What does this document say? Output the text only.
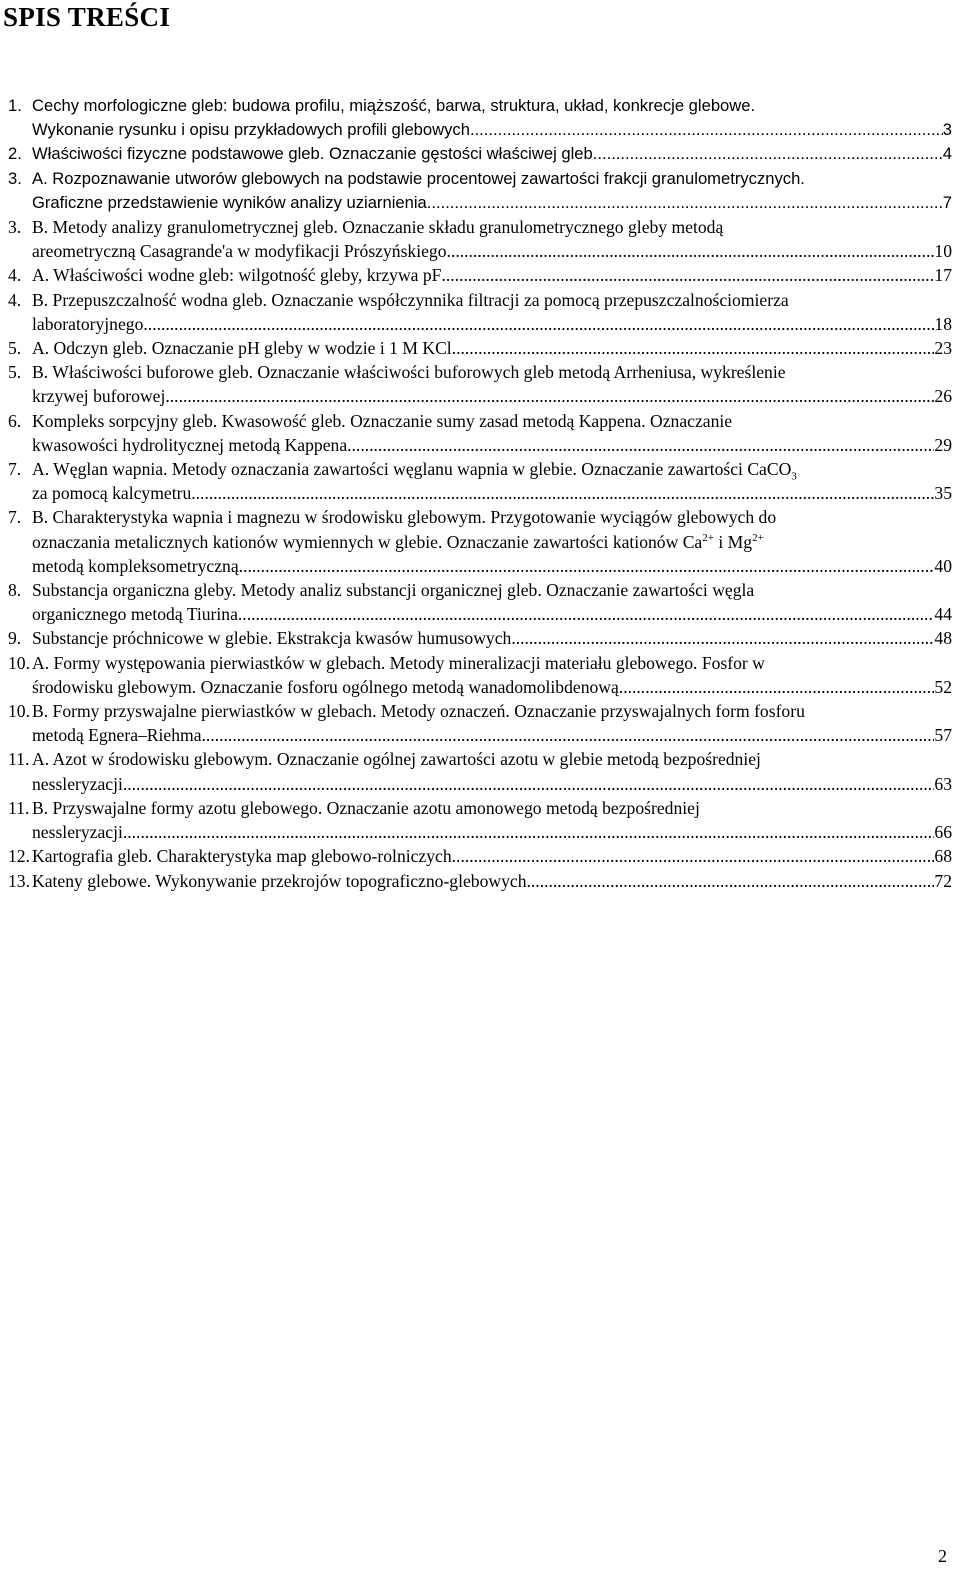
SPIS TREŚCI
1. Cechy morfologiczne gleb: budowa profilu, miąższość, barwa, struktura, układ, konkrecje glebowe.
Wykonanie rysunku i opisu przykładowych profili glebowych .....	3
2. Właściwości fizyczne podstawowe gleb. Oznaczanie gęstości właściwej gleb .....	4
3. A. Rozpoznawanie utworów glebowych na podstawie procentowej zawartości frakcji granulometrycznych.
Graficzne przedstawienie wyników analizy uziarnienia .....	7
3. B. Metody analizy granulometrycznej gleb. Oznaczanie składu granulometrycznego gleby metodą
areometryczną Casagrande'a w modyfikacji Prószyńskiego .....	10
4. A. Właściwości wodne gleb: wilgotność gleby, krzywa pF .....	17
4. B. Przepuszczalność wodna gleb. Oznaczanie współczynnika filtracji za pomocą przepuszczalnościomierza
laboratoryjnego .....	18
5. A. Odczyn gleb. Oznaczanie pH gleby w wodzie i 1 M KCl .....	23
5. B. Właściwości buforowe gleb. Oznaczanie właściwości buforowych gleb metodą Arrheniusa, wykreślenie
krzywej buforowej .....	26
6. Kompleks sorpcyjny gleb. Kwasowość gleb. Oznaczanie sumy zasad metodą Kappena. Oznaczanie
kwasowości hydrolitycznej metodą Kappena .....	29
7. A. Węglan wapnia. Metody oznaczania zawartości węglanu wapnia w glebie. Oznaczanie zawartości CaCO$_3$
za pomocą kalcymetru .....	35
7. B. Charakterystyka wapnia i magnezu w środowisku glebowym. Przygotowanie wyciągów glebowych do
oznaczania metalicznych kationów wymiennych w glebie. Oznaczanie zawartości kationów $Ca^{2+}$ i $Mg^{2+}$
metodą kompleksometryczną .....	40
8. Substancja organiczna gleby. Metody analiz substancji organicznej gleb. Oznaczanie zawartości węgla
organicznego metodą Tiurina .....	44
9. Substancje próchnicowe w glebie. Ekstrakcja kwasów humusowych .....	48
10. A. Formy występowania pierwiastków w glebach. Metody mineralizacji materiału glebowego. Fosfor w
środowisku glebowym. Oznaczanie fosforu ogólnego metodą wanadomolibdenową .....	52
10. B. Formy przyswajalne pierwiastków w glebach. Metody oznaczeń. Oznaczanie przyswajalnych form fosforu
metodą Egnera–Riehma .....	57
11. A. Azot w środowisku glebowym. Oznaczanie ogólnej zawartości azotu w glebie metodą bezpośredniej
nessleryzacji .....	63
11. B. Przyswajalne formy azotu glebowego. Oznaczanie azotu amonowego metodą bezpośredniej
nessleryzacji .....	66
12. Kartografia gleb. Charakterystyka map glebowo-rolniczych .....	68
13. Kateny glebowe. Wykonywanie przekrojów topograficzno-glebowych .....	72
2
